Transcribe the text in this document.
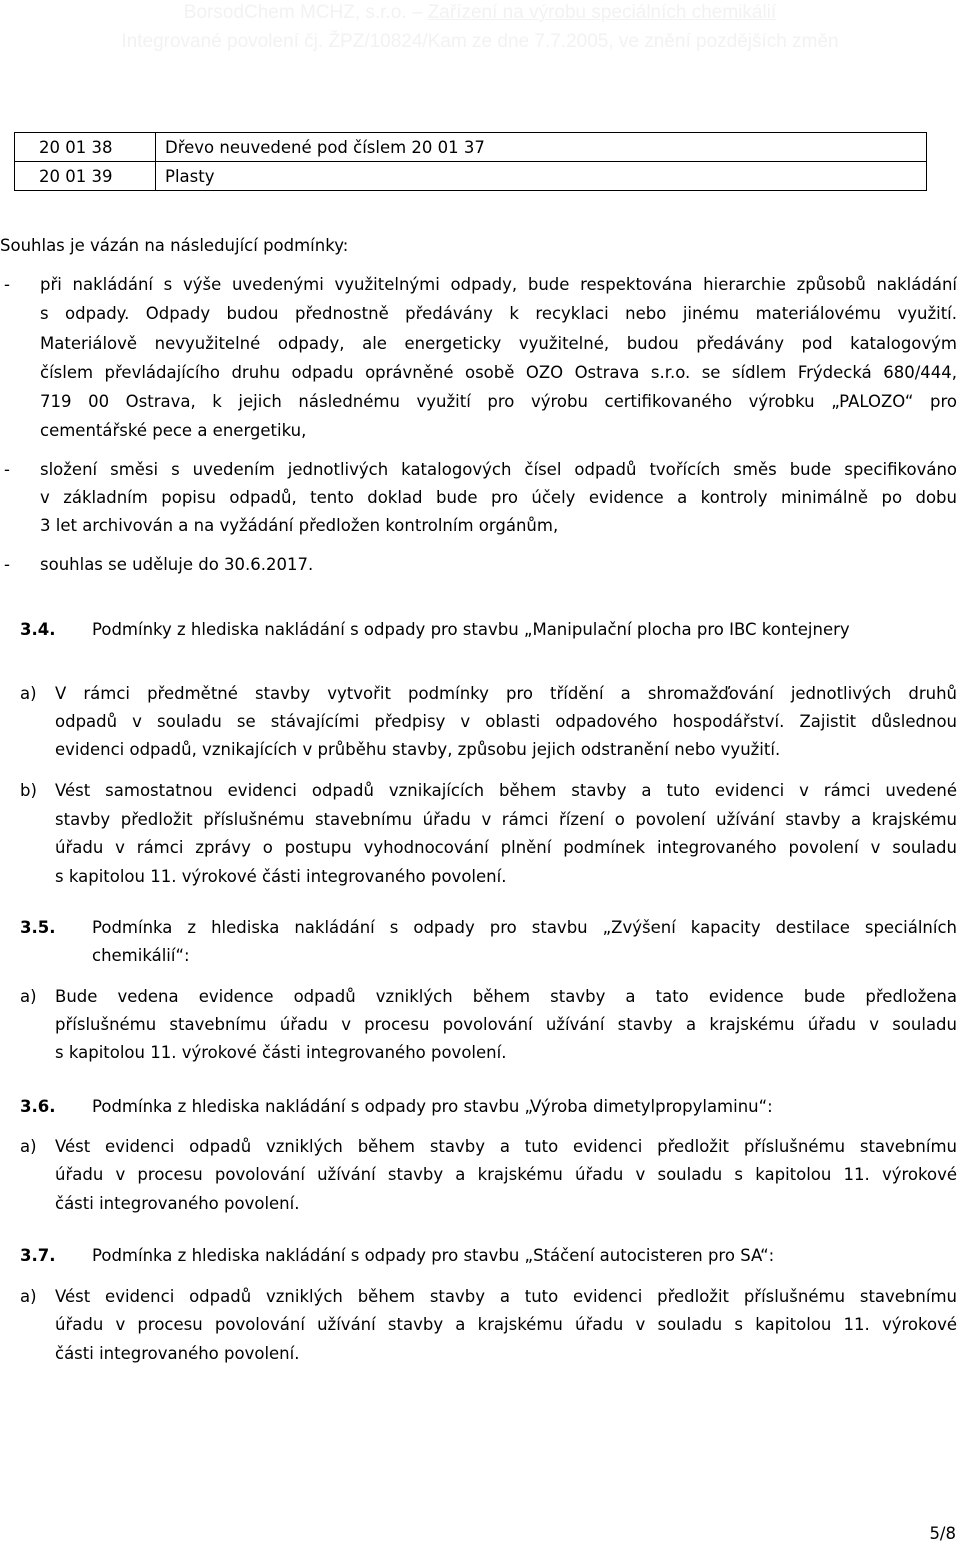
BorsodChem MCHZ, s.r.o. – Zařízení na výrobu speciálních chemikálií
Integrované povolení čj. ŽPZ/10824/Kam ze dne 7.7.2005, ve znění pozdějších změn
20 01 38	Dřevo neuvedené pod číslem 20 01 37
20 01 39	Plasty
Souhlas je vázán na následující podmínky:
- při nakládání s výše uvedenými využitelnými odpady, bude respektována hierarchie způsobů nakládání
s odpady. Odpady budou přednostně předávány k recyklaci nebo jinému materiálovému využití.
Materiálově nevyužitelné odpady, ale energeticky využitelné, budou předávány pod katalogovým
číslem převládajícího druhu odpadu oprávněné osobě OZO Ostrava s.r.o. se sídlem Frýdecká 680/444,
719 00 Ostrava, k jejich následnému využití pro výrobu certifikovaného výrobku „PALOZO“ pro
cementářské pece a energetiku,
- složení směsi s uvedením jednotlivých katalogových čísel odpadů tvořících směs bude specifikováno
v základním popisu odpadů, tento doklad bude pro účely evidence a kontroly minimálně po dobu
3 let archivován a na vyžádání předložen kontrolním orgánům,
- souhlas se uděluje do 30.6.2017.
3.4. Podmínky z hlediska nakládání s odpady pro stavbu „Manipulační plocha pro IBC kontejnery
a) V rámci předmětné stavby vytvořit podmínky pro třídění a shromažďování jednotlivých druhů
odpadů v souladu se stávajícími předpisy v oblasti odpadového hospodářství. Zajistit důslednou
evidenci odpadů, vznikajících v průběhu stavby, způsobu jejich odstranění nebo využití.
b) Vést samostatnou evidenci odpadů vznikajících během stavby a tuto evidenci v rámci uvedené
stavby předložit příslušnému stavebnímu úřadu v rámci řízení o povolení užívání stavby a krajskému
úřadu v rámci zprávy o postupu vyhodnocování plnění podmínek integrovaného povolení v souladu
s kapitolou 11. výrokové části integrovaného povolení.
3.5. Podmínka z hlediska nakládání s odpady pro stavbu „Zvýšení kapacity destilace speciálních
chemikálií“:
a) Bude vedena evidence odpadů vzniklých během stavby a tato evidence bude předložena
příslušnému stavebnímu úřadu v procesu povolování užívání stavby a krajskému úřadu v souladu
s kapitolou 11. výrokové části integrovaného povolení.
3.6. Podmínka z hlediska nakládání s odpady pro stavbu „Výroba dimetylpropylaminu“:
a) Vést evidenci odpadů vzniklých během stavby a tuto evidenci předložit příslušnému stavebnímu
úřadu v procesu povolování užívání stavby a krajskému úřadu v souladu s kapitolou 11. výrokové
části integrovaného povolení.
3.7. Podmínka z hlediska nakládání s odpady pro stavbu „Stáčení autocisteren pro SA“:
a) Vést evidenci odpadů vzniklých během stavby a tuto evidenci předložit příslušnému stavebnímu
úřadu v procesu povolování užívání stavby a krajskému úřadu v souladu s kapitolou 11. výrokové
části integrovaného povolení.
5/8
